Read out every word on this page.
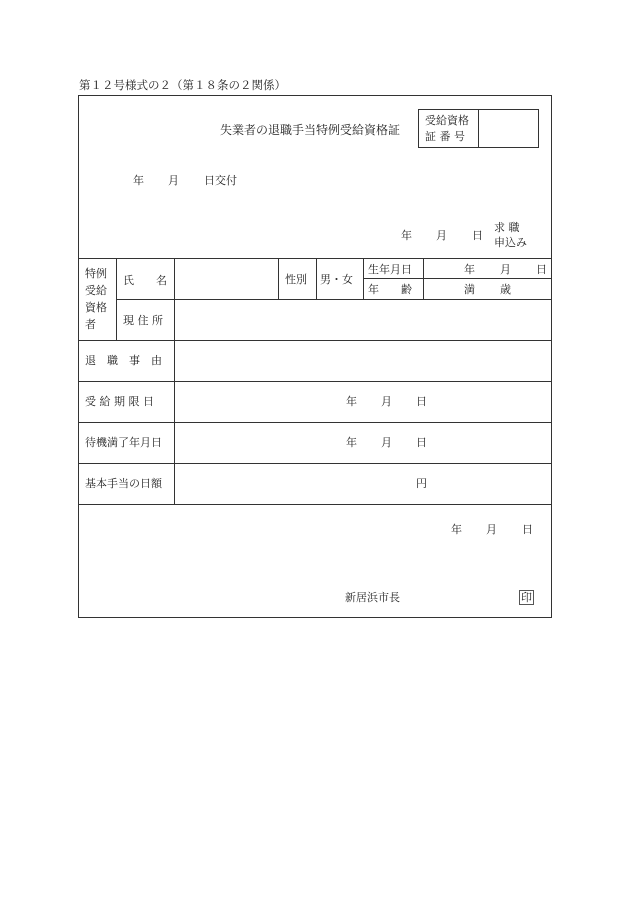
第１２号様式の２（第１８条の２関係）
失業者の退職手当特例受給資格証
受給資格
証 番 号
年 月 日交付
年 月 日
求 職
申込み
特例
受給
資格
者
氏　　名	性別 男・女
生年月日	年 月 日
年　　齢	満 歳
現 住 所
退　職　事　由
受 給 期 限 日	年 月 日
待機満了年月日	年 月 日
基本手当の日額	円
年 月 日
新居浜市長	印
